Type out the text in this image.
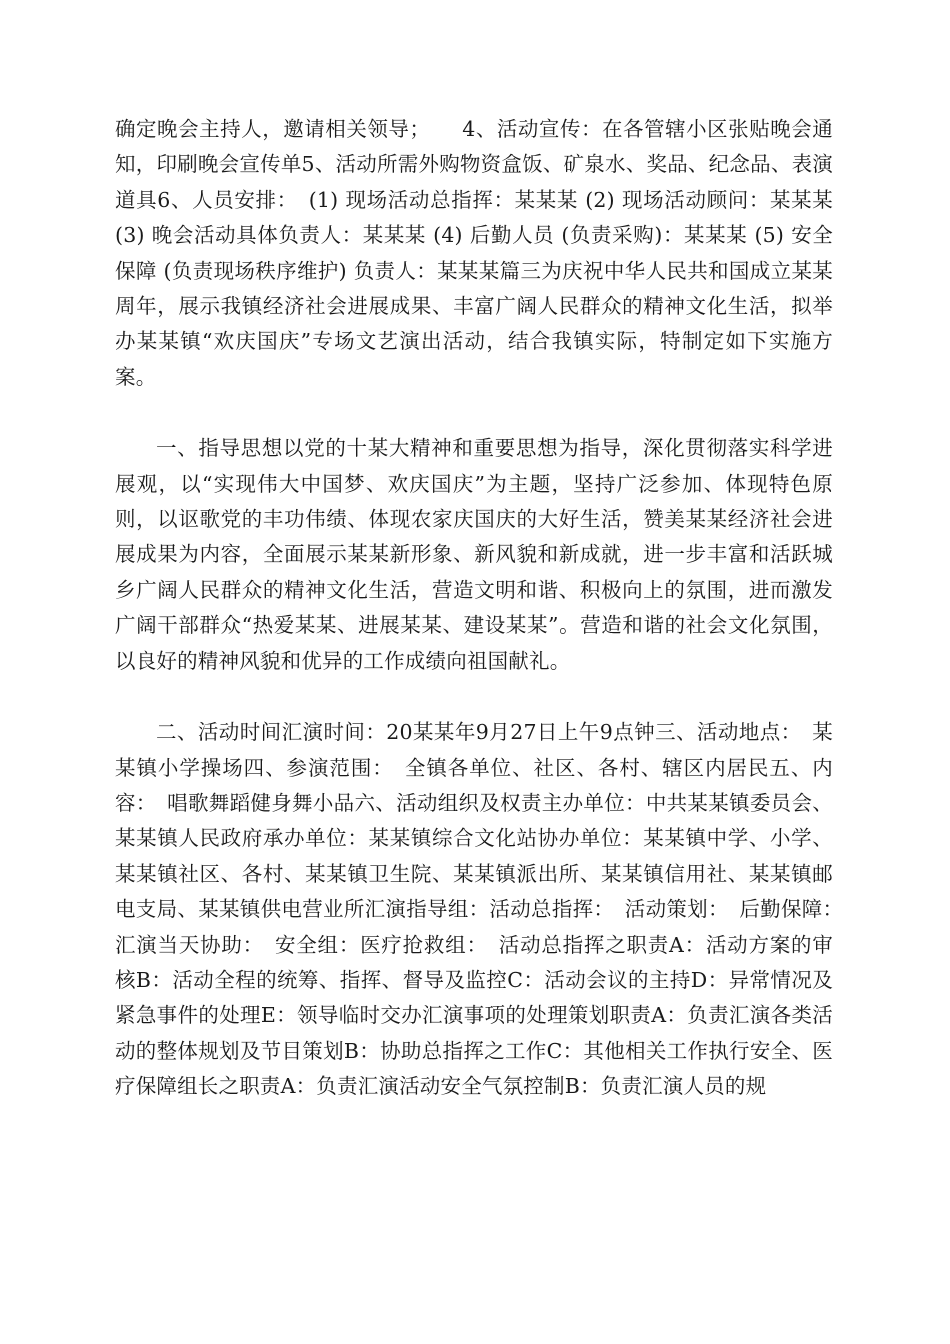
确定晚会主持人，邀请相关领导；　　4、活动宣传：在各管辖小区张贴晚会通知，印刷晚会宣传单5、活动所需外购物资盒饭、矿泉水、奖品、纪念品、表演道具6、人员安排：　(1) 现场活动总指挥：某某某 (2) 现场活动顾问：某某某 (3) 晚会活动具体负责人：某某某 (4) 后勤人员 (负责采购)：某某某 (5) 安全保障 (负责现场秩序维护) 负责人：某某某篇三为庆祝中华人民共和国成立某某周年，展示我镇经济社会进展成果、丰富广阔人民群众的精神文化生活，拟举办某某镇“欢庆国庆”专场文艺演出活动，结合我镇实际，特制定如下实施方案。

一、指导思想以党的十某大精神和重要思想为指导，深化贯彻落实科学进展观，以“实现伟大中国梦、欢庆国庆”为主题，坚持广泛参加、体现特色原则，以讴歌党的丰功伟绩、体现农家庆国庆的大好生活，赞美某某经济社会进展成果为内容，全面展示某某新形象、新风貌和新成就，进一步丰富和活跃城乡广阔人民群众的精神文化生活，营造文明和谐、积极向上的氛围，进而激发广阔干部群众“热爱某某、进展某某、建设某某”。营造和谐的社会文化氛围，以良好的精神风貌和优异的工作成绩向祖国献礼。

二、活动时间汇演时间：20某某年9月27日上午9点钟三、活动地点：　某某镇小学操场四、参演范围：　全镇各单位、社区、各村、辖区内居民五、内容：　唱歌舞蹈健身舞小品六、活动组织及权责主办单位：中共某某镇委员会、某某镇人民政府承办单位：某某镇综合文化站协办单位：某某镇中学、小学、某某镇社区、各村、某某镇卫生院、某某镇派出所、某某镇信用社、某某镇邮电支局、某某镇供电营业所汇演指导组：活动总指挥：　活动策划：　后勤保障：　汇演当天协助：　安全组：医疗抢救组：　活动总指挥之职责A：活动方案的审核B：活动全程的统筹、指挥、督导及监控C：活动会议的主持D：异常情况及紧急事件的处理E：领导临时交办汇演事项的处理策划职责A：负责汇演各类活动的整体规划及节目策划B：协助总指挥之工作C：其他相关工作执行安全、医疗保障组长之职责A：负责汇演活动安全气氛控制B：负责汇演人员的规
